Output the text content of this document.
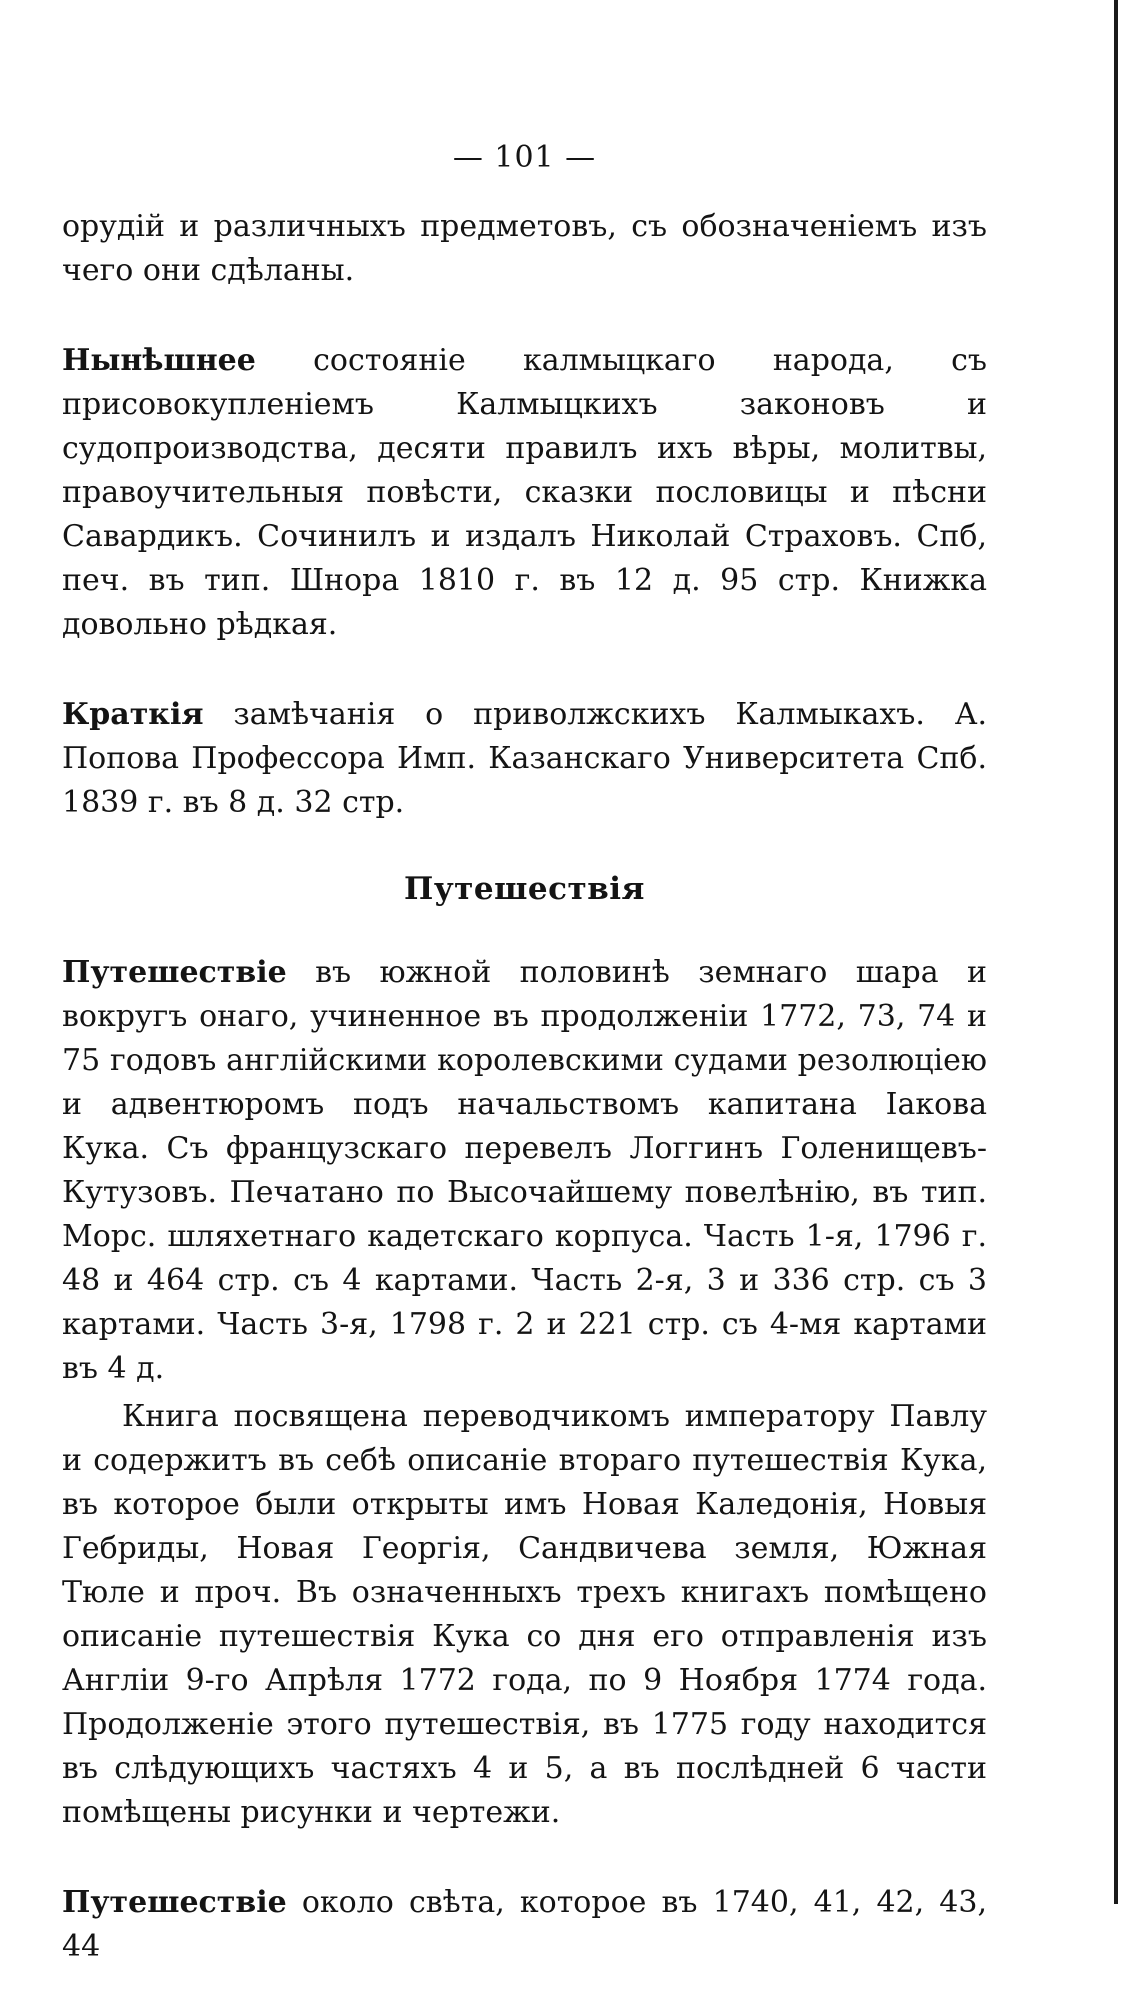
— 101 —

орудій и различныхъ предметовъ, съ обозначеніемъ изъ чего они сдѣланы.

Нынѣшнее состояніе калмыцкаго народа, съ присовокупленіемъ Калмыцкихъ законовъ и судопроизводства, десяти правилъ ихъ вѣры, молитвы, правоучительныя повѣсти, сказки пословицы и пѣсни Савардикъ. Сочинилъ и издалъ Николай Страховъ. Спб, печ. въ тип. Шнора 1810 г. въ 12 д. 95 стр. Книжка довольно рѣдкая.

Краткія замѣчанія о приволжскихъ Калмыкахъ. А. Попова Профессора Имп. Казанскаго Университета Спб. 1839 г. въ 8 д. 32 стр.

Путешествія

Путешествіе въ южной половинѣ земнаго шара и вокругъ онаго, учиненное въ продолженіи 1772, 73, 74 и 75 годовъ англійскими королевскими судами резолюціею и адвентюромъ подъ начальствомъ капитана Іакова Кука. Съ французскаго перевелъ Логгинъ Голенищевъ-Кутузовъ. Печатано по Высочайшему повелѣнію, въ тип. Морс. шляхетнаго кадетскаго корпуса. Часть 1-я, 1796 г. 48 и 464 стр. съ 4 картами. Часть 2-я, 3 и 336 стр. съ 3 картами. Часть 3-я, 1798 г. 2 и 221 стр. съ 4-мя картами въ 4 д.

Книга посвящена переводчикомъ императору Павлу и содержитъ въ себѣ описаніе втораго путешествія Кука, въ которое были открыты имъ Новая Каледонія, Новыя Гебриды, Новая Георгія, Сандвичева земля, Южная Тюле и проч. Въ означенныхъ трехъ книгахъ помѣщено описаніе путешествія Кука со дня его отправленія изъ Англіи 9-го Апрѣля 1772 года, по 9 Ноября 1774 года. Продолженіе этого путешествія, въ 1775 году находится въ слѣдующихъ частяхъ 4 и 5, а въ послѣдней 6 части помѣщены рисунки и чертежи.

Путешествіе около свѣта, которое въ 1740, 41, 42, 43, 44
